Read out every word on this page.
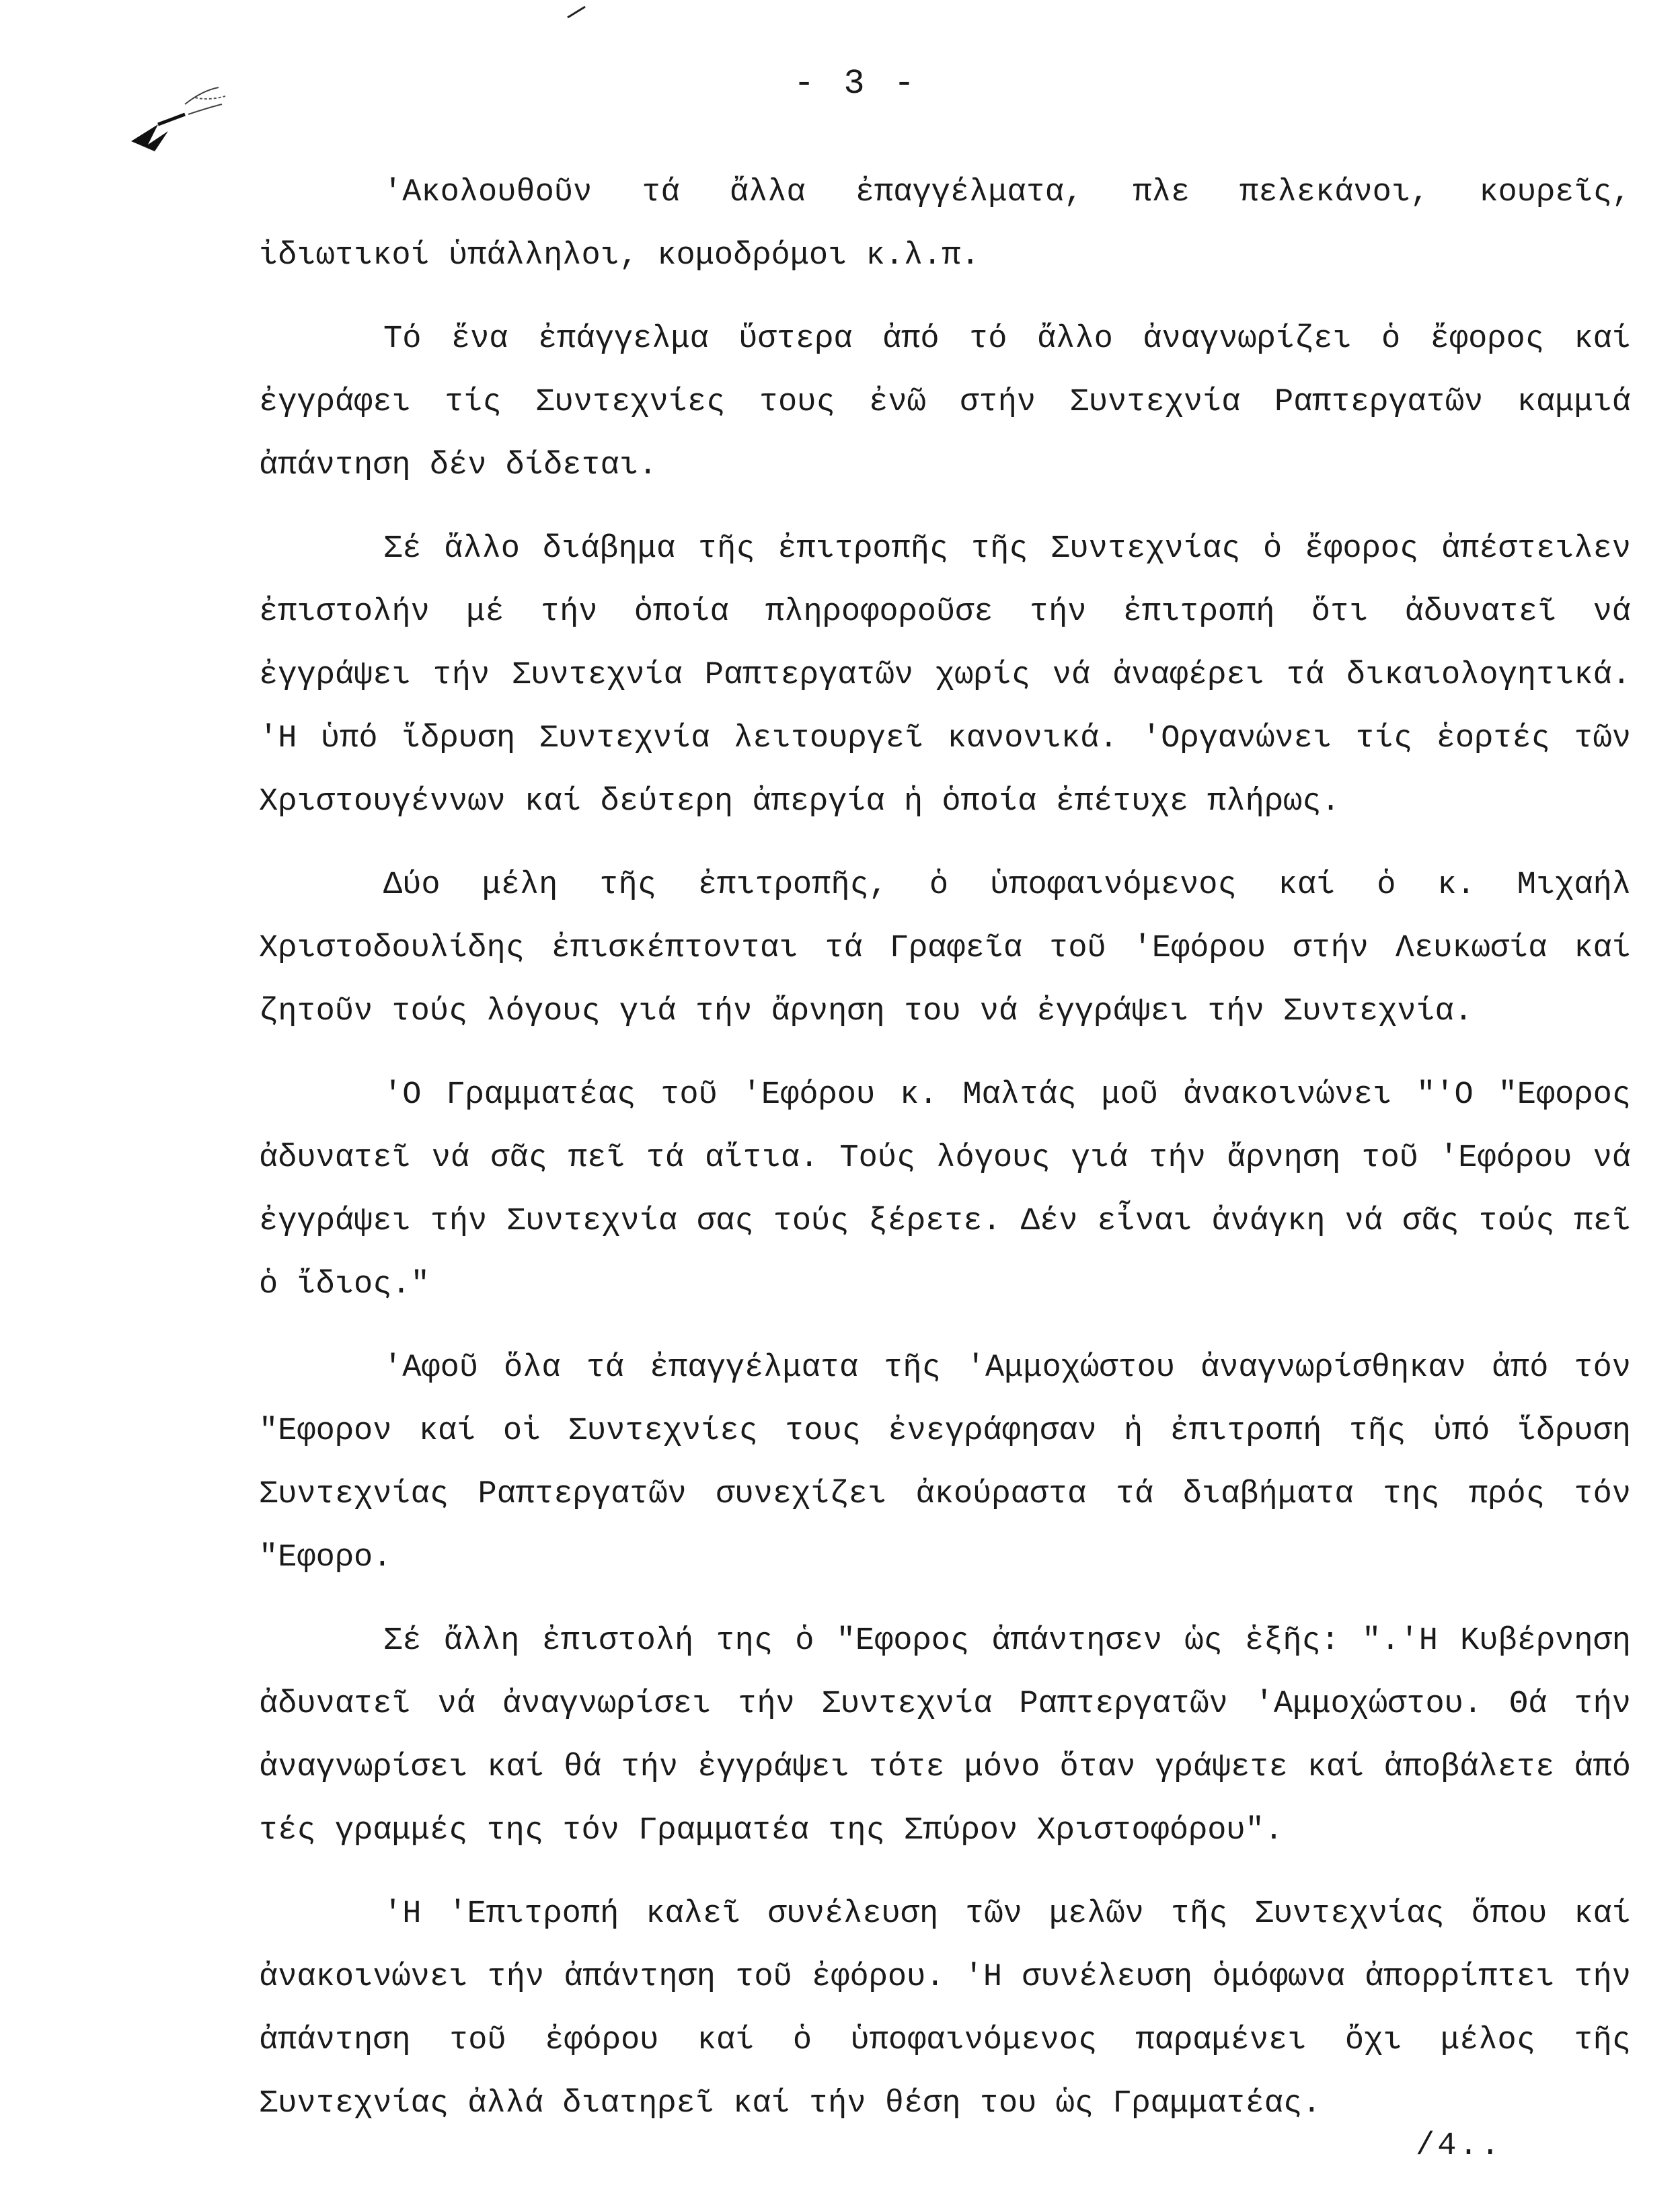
- 3 -

'Ακολουθοῦν τά ἄλλα ἐπαγγέλματα, πλε πελεκάνοι, κουρεῖς, ἰδιωτικοί ὑπάλληλοι, κομοδρόμοι κ.λ.π.

Τό ἕνα ἐπάγγελμα ὕστερα ἀπό τό ἄλλο ἀναγνωρίζει ὁ ἔφορος καί ἐγγράφει τίς Συντεχνίες τους ἐνῶ στήν Συντεχνία Ραπτεργατῶν καμμιά ἀπάντηση δέν δίδεται.

Σέ ἄλλο διάβημα τῆς ἐπιτροπῆς τῆς Συντεχνίας ὁ ἔφορος ἀπέστειλεν ἐπιστολήν μέ τήν ὁποία πληροφοροῦσε τήν ἐπιτροπή ὅτι ἀδυνατεῖ νά ἐγγράψει τήν Συντεχνία Ραπτεργατῶν χωρίς νά ἀναφέρει τά δικαιολογητικά. 'Η ὑπό ἵδρυση Συντεχνία λειτουργεῖ κανονικά. 'Οργανώνει τίς ἑορτές τῶν Χριστουγέννων καί δεύτερη ἀπεργία ἡ ὁποία ἐπέτυχε πλήρως.

Δύο μέλη τῆς ἐπιτροπῆς, ὁ ὑποφαινόμενος καί ὁ κ. Μιχαήλ Χριστοδουλίδης ἐπισκέπτονται τά Γραφεῖα τοῦ 'Εφόρου στήν Λευκωσία καί ζητοῦν τούς λόγους γιά τήν ἄρνηση του νά ἐγγράψει τήν Συντεχνία.

'Ο Γραμματέας τοῦ 'Εφόρου κ. Μαλτάς μοῦ ἀνακοινώνει "'Ο "Εφορος ἀδυνατεῖ νά σᾶς πεῖ τά αἴτια. Τούς λόγους γιά τήν ἄρνηση τοῦ 'Εφόρου νά ἐγγράψει τήν Συντεχνία σας τούς ξέρετε. Δέν εἶναι ἀνάγκη νά σᾶς τούς πεῖ ὁ ἴδιος."

'Αφοῦ ὅλα τά ἐπαγγέλματα τῆς 'Αμμοχώστου ἀναγνωρίσθηκαν ἀπό τόν "Εφορον καί οἱ Συντεχνίες τους ἐνεγράφησαν ἡ ἐπιτροπή τῆς ὑπό ἵδρυση Συντεχνίας Ραπτεργατῶν συνεχίζει ἀκούραστα τά διαβήματα της πρός τόν "Εφορο.

Σέ ἄλλη ἐπιστολή της ὁ "Εφορος ἀπάντησεν ὡς ἑξῆς: ".'Η Κυβέρνηση ἀδυνατεῖ νά ἀναγνωρίσει τήν Συντεχνία Ραπτεργατῶν 'Αμμοχώστου. Θά τήν ἀναγνωρίσει καί θά τήν ἐγγράψει τότε μόνο ὅταν γράψετε καί ἀποβάλετε ἀπό τές γραμμές της τόν Γραμματέα της Σπύρον Χριστοφόρου".

'Η 'Επιτροπή καλεῖ συνέλευση τῶν μελῶν τῆς Συντεχνίας ὅπου καί ἀνακοινώνει τήν ἀπάντηση τοῦ ἐφόρου. 'Η συνέλευση ὁμόφωνα ἀπορρίπτει τήν ἀπάντηση τοῦ ἐφόρου καί ὁ ὑποφαινόμενος παραμένει ὄχι μέλος τῆς Συντεχνίας ἀλλά διατηρεῖ καί τήν θέση του ὡς Γραμματέας.

/4..
